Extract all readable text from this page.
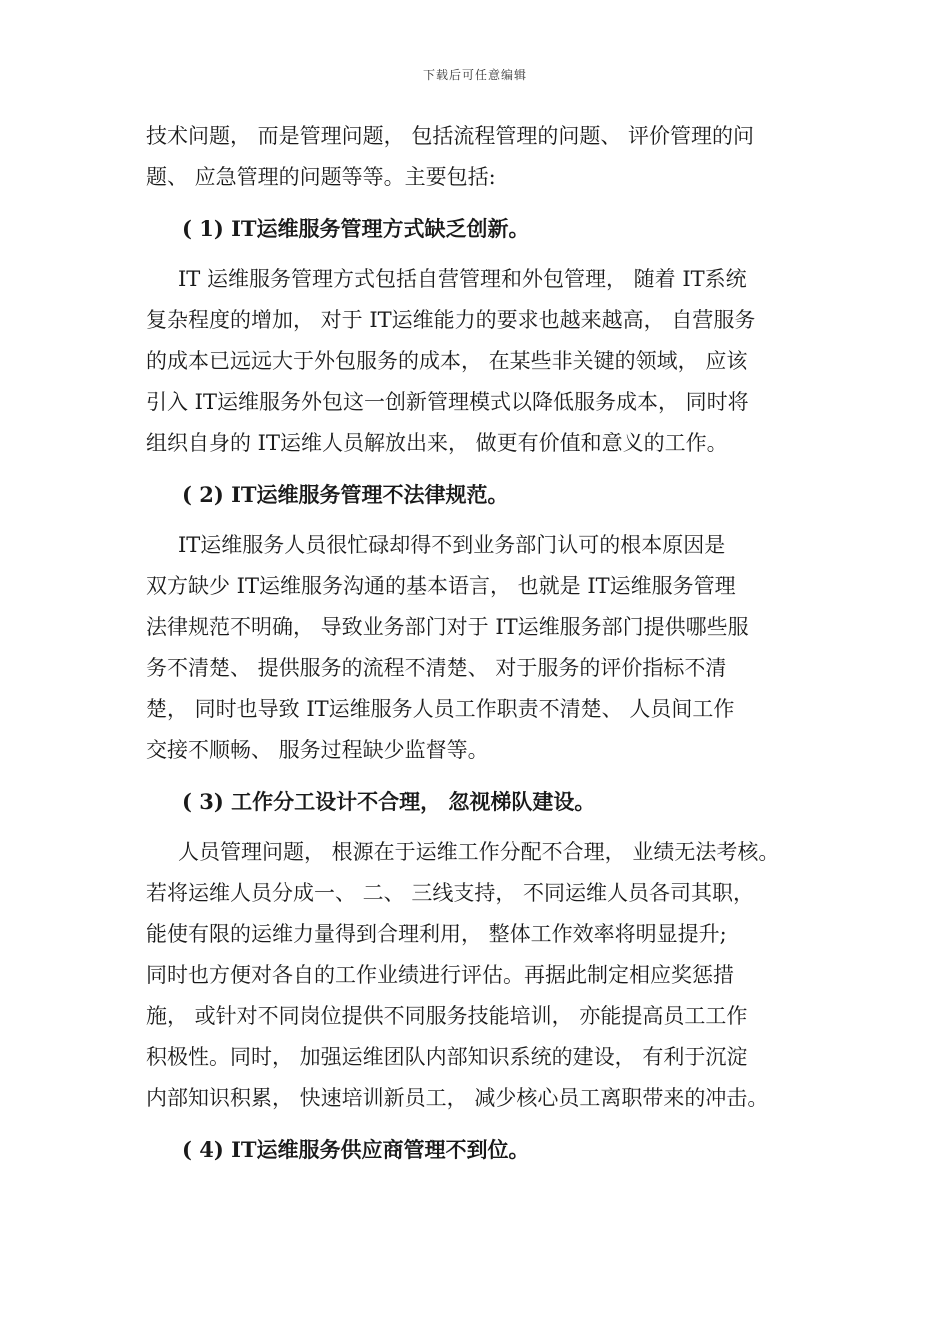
下载后可任意编辑
技术问题， 而是管理问题， 包括流程管理的问题、 评价管理的问
题、 应急管理的问题等等。主要包括:
( 1) IT运维服务管理方式缺乏创新。
IT 运维服务管理方式包括自营管理和外包管理， 随着 IT系统
复杂程度的增加， 对于 IT运维能力的要求也越来越高， 自营服务
的成本已远远大于外包服务的成本， 在某些非关键的领域， 应该
引入 IT运维服务外包这一创新管理模式以降低服务成本， 同时将
组织自身的 IT运维人员解放出来， 做更有价值和意义的工作。
( 2) IT运维服务管理不法律规范。
IT运维服务人员很忙碌却得不到业务部门认可的根本原因是
双方缺少 IT运维服务沟通的基本语言， 也就是 IT运维服务管理
法律规范不明确， 导致业务部门对于 IT运维服务部门提供哪些服
务不清楚、 提供服务的流程不清楚、 对于服务的评价指标不清
楚， 同时也导致 IT运维服务人员工作职责不清楚、 人员间工作
交接不顺畅、 服务过程缺少监督等。
( 3) 工作分工设计不合理， 忽视梯队建设。
人员管理问题， 根源在于运维工作分配不合理， 业绩无法考核。
若将运维人员分成一、 二、 三线支持， 不同运维人员各司其职，
能使有限的运维力量得到合理利用， 整体工作效率将明显提升;
同时也方便对各自的工作业绩进行评估。再据此制定相应奖惩措
施， 或针对不同岗位提供不同服务技能培训， 亦能提高员工工作
积极性。同时， 加强运维团队内部知识系统的建设， 有利于沉淀
内部知识积累， 快速培训新员工， 减少核心员工离职带来的冲击。
( 4) IT运维服务供应商管理不到位。
